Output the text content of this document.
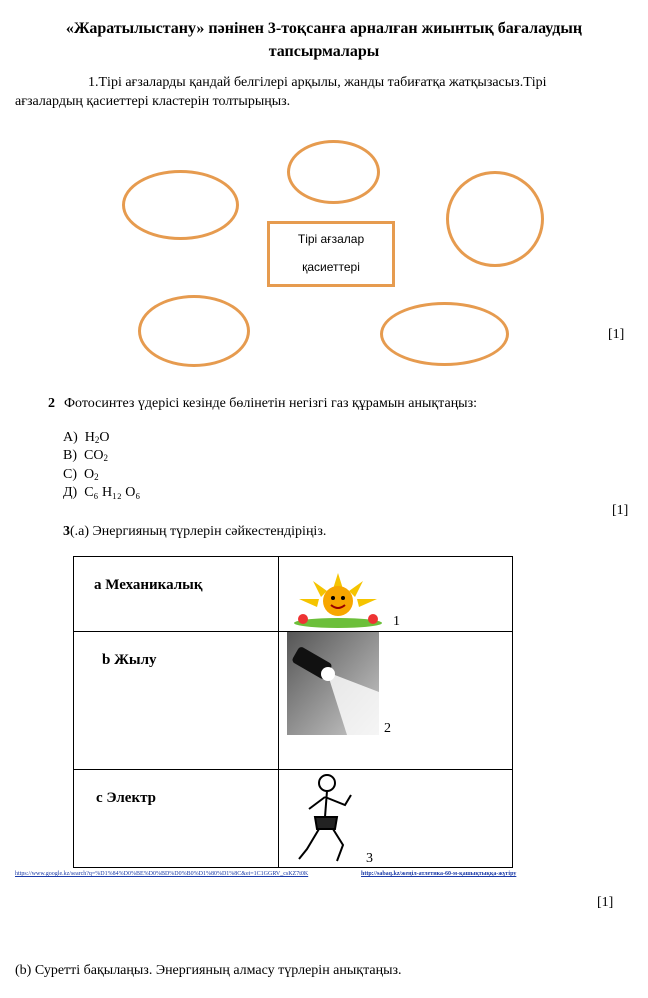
«Жаратылыстану» пәнінен 3-тоқсанға арналған жиынтық бағалаудың
тапсырмалары
1.Тірі ағзаларды қандай белгілері арқылы, жанды табиғатқа жатқызасыз.Тірі
ағзалардың қасиеттері кластерін толтырыңыз.
Тірі ағзалар
қасиеттері
[1]
2 Фотосинтез үдерісі кезінде бөлінетін негізгі газ құрамын анықтаңыз:
A) $H_2O$
B) $CO_2$
C) $O_2$
Д) C₆ H₁₂ O₆
[1]
3(.a) Энергияның түрлерін сәйкестендіріңіз.
a Механикалық	1

b Жылу	2

c Электр	3
https://www.google.kz/search?q=%D1%84%D0%BE%D0%BD%D0%B0%D1%80%D1%8C&ei=1C1GGRV_csKZ7t0K	http://sabaq.kz/жеңіл-атлетика-60-м-қашықтыққа-жүгіру
[1]
(b) Суретті бақылаңыз. Энергияның алмасу түрлерін анықтаңыз.
